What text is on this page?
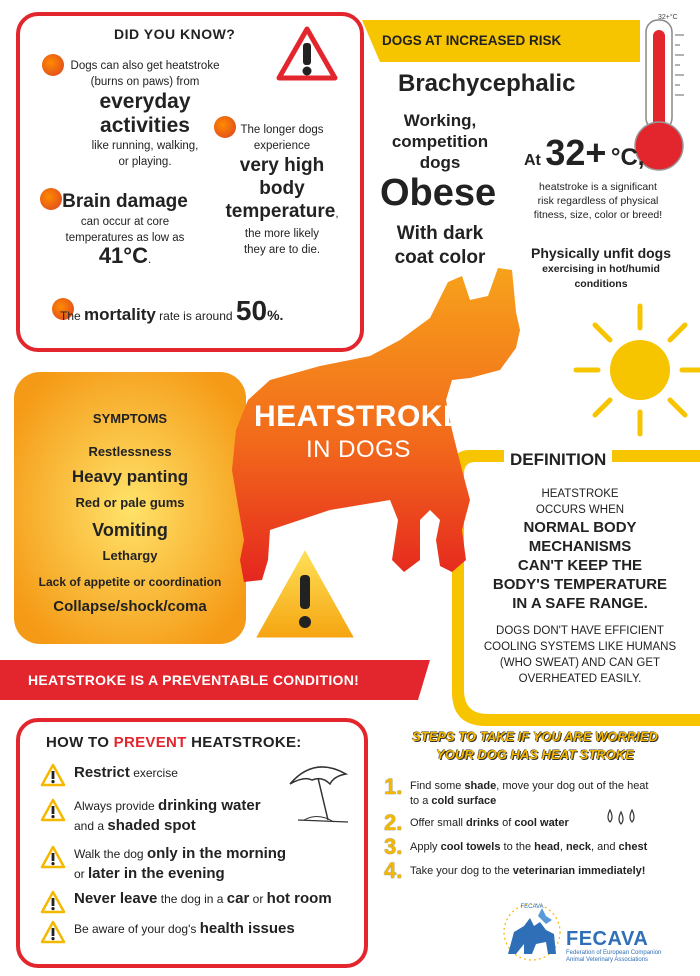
32+°C
DID YOU KNOW?
Dogs can also get heatstroke
(burns on paws) from
everyday
activities
like running, walking,
or playing.
The longer dogs
experience
very high
body
temperature,
the more likely
they are to die.
Brain damage
can occur at core
temperatures as low as
41°C.
The mortality rate is around 50%.
DOGS AT INCREASED RISK
Brachycephalic
Working,
competition
dogs
Obese
With dark
coat color
At 32+ °C,
heatstroke is a significant
risk regardless of physical
fitness, size, color or breed!
Physically unfit dogs
exercising in hot/humid
conditions
HEATSTROKE
IN DOGS
SYMPTOMS
Restlessness
Heavy panting
Red or pale gums
Vomiting
Lethargy
Lack of appetite or coordination
Collapse/shock/coma
DEFINITION
HEATSTROKE
OCCURS WHEN
NORMAL BODY
MECHANISMS
CAN'T KEEP THE
BODY'S TEMPERATURE
IN A SAFE RANGE.
DOGS DON'T HAVE EFFICIENT
COOLING SYSTEMS LIKE HUMANS
(WHO SWEAT) AND CAN GET
OVERHEATED EASILY.
HEATSTROKE IS A PREVENTABLE CONDITION!
HOW TO PREVENT HEATSTROKE:
Restrict exercise
Always provide drinking water
and a shaded spot
Walk the dog only in the morning
or later in the evening
Never leave the dog in a car or hot room
Be aware of your dog's health issues
STEPS TO TAKE IF YOU ARE WORRIED
YOUR DOG HAS HEAT STROKE
1. Find some shade, move your dog out of the heat
to a cold surface
2. Offer small drinks of cool water
3. Apply cool towels to the head, neck, and chest
4. Take your dog to the veterinarian immediately!
FECAVA
FECAVA
Federation of European Companion
Animal Veterinary Associations
